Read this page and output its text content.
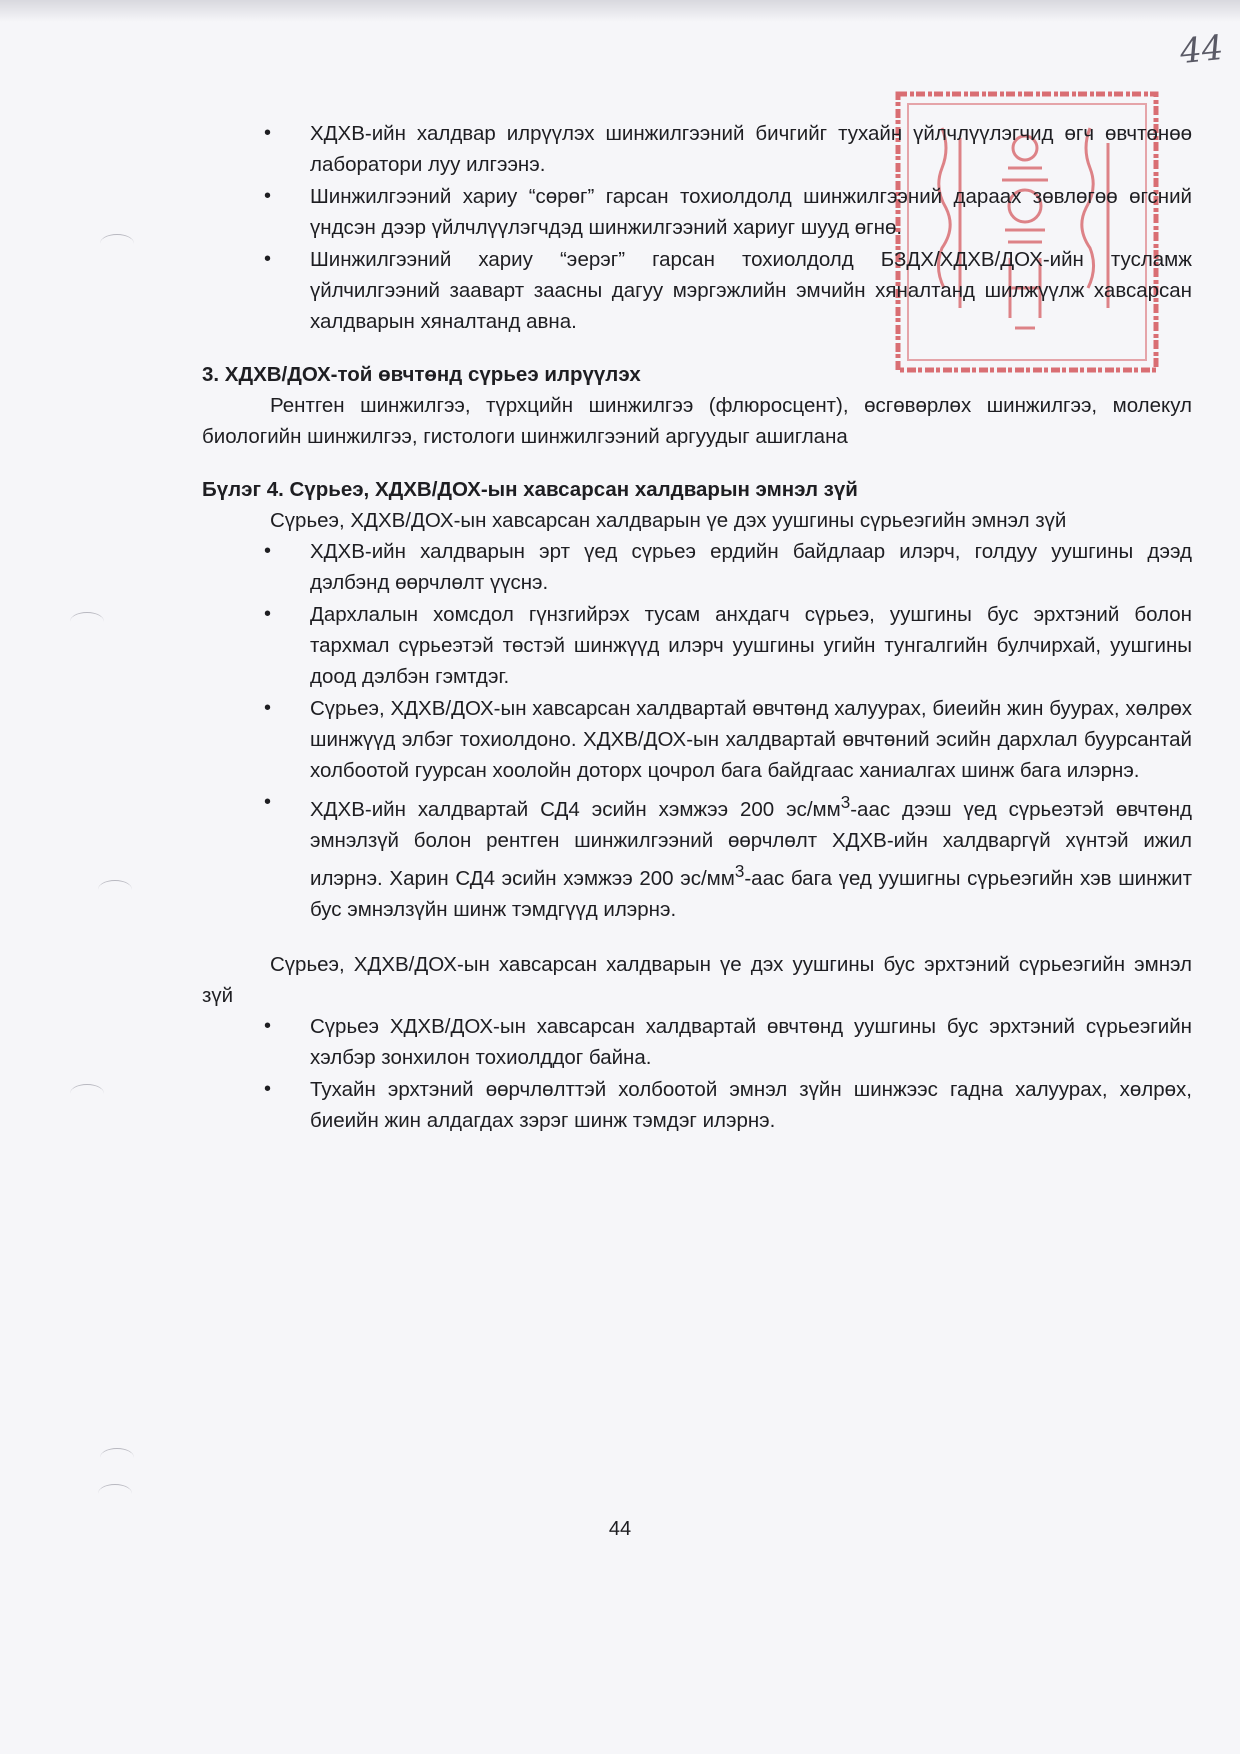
44
• ХДХВ-ийн халдвар илрүүлэх шинжилгээний бичгийг тухайн үйлчлүүлэгчид өгч өвчтөнөө лаборатори луу илгээнэ.
• Шинжилгээний хариу “сөрөг” гарсан тохиолдолд шинжилгээний дараах зөвлөгөө өгсний үндсэн дээр үйлчлүүлэгчдэд шинжилгээний хариуг шууд өгнө.
• Шинжилгээний хариу “эерэг” гарсан тохиолдолд БЗДХ/ХДХВ/ДОХ-ийн тусламж үйлчилгээний зааварт заасны дагуу мэргэжлийн эмчийн хяналтанд шилжүүлж хавсарсан халдварын хяналтанд авна.

3. ХДХВ/ДОХ-той өвчтөнд сүрьеэ илрүүлэх

Рентген шинжилгээ, түрхцийн шинжилгээ (флюросцент), өсгөвөрлөх шинжилгээ, молекул биологийн шинжилгээ, гистологи шинжилгээний аргуудыг ашиглана

Бүлэг 4. Сүрьеэ, ХДХВ/ДОХ-ын хавсарсан халдварын эмнэл зүй

Сүрьеэ, ХДХВ/ДОХ-ын хавсарсан халдварын үе дэх уушгины сүрьеэгийн эмнэл зүй

• ХДХВ-ийн халдварын эрт үед сүрьеэ ердийн байдлаар илэрч, голдуу уушгины дээд дэлбэнд өөрчлөлт үүснэ.
• Дархлалын хомсдол гүнзгийрэх тусам анхдагч сүрьеэ, уушгины бус эрхтэний болон тархмал сүрьеэтэй төстэй шинжүүд илэрч уушгины угийн тунгалгийн булчирхай, уушгины доод дэлбэн гэмтдэг.
• Сүрьеэ, ХДХВ/ДОХ-ын хавсарсан халдвартай өвчтөнд халуурах, биеийн жин буурах, хөлрөх шинжүүд элбэг тохиолдоно. ХДХВ/ДОХ-ын халдвартай өвчтөний эсийн дархлал буурсантай холбоотой гуурсан хоолойн доторх цочрол бага байдгаас ханиалгах шинж бага илэрнэ.
• ХДХВ-ийн халдвартай СД4 эсийн хэмжээ 200 $эс/мм^3$-аас дээш үед сүрьеэтэй өвчтөнд эмнэлзүй болон рентген шинжилгээний өөрчлөлт ХДХВ-ийн халдваргүй хүнтэй ижил илэрнэ. Харин СД4 эсийн хэмжээ 200 $эс/мм^3$-аас бага үед уушигны сүрьеэгийн хэв шинжит бус эмнэлзүйн шинж тэмдгүүд илэрнэ.

Сүрьеэ, ХДХВ/ДОХ-ын хавсарсан халдварын үе дэх уушгины бус эрхтэний сүрьеэгийн эмнэл зүй

• Сүрьеэ ХДХВ/ДОХ-ын хавсарсан халдвартай өвчтөнд уушгины бус эрхтэний сүрьеэгийн хэлбэр зонхилон тохиолддог байна.
• Тухайн эрхтэний өөрчлөлттэй холбоотой эмнэл зүйн шинжээс гадна халуурах, хөлрөх, биеийн жин алдагдах зэрэг шинж тэмдэг илэрнэ.
44
